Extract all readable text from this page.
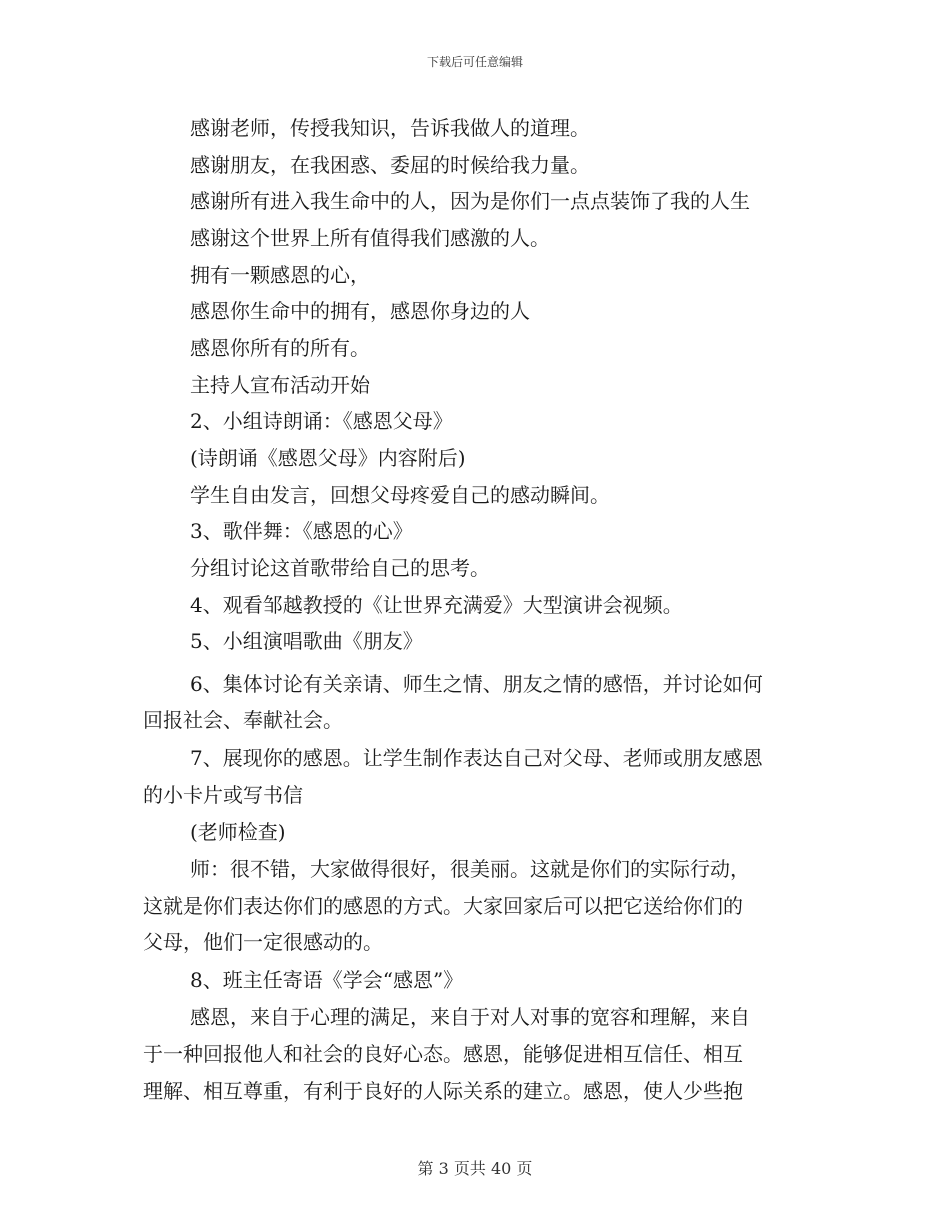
下载后可任意编辑
感谢老师，传授我知识，告诉我做人的道理。
感谢朋友，在我困惑、委屈的时候给我力量。
感谢所有进入我生命中的人，因为是你们一点点装饰了我的人生
感谢这个世界上所有值得我们感激的人。
拥有一颗感恩的心，
感恩你生命中的拥有，感恩你身边的人
感恩你所有的所有。
主持人宣布活动开始
2、小组诗朗诵：《感恩父母》
(诗朗诵《感恩父母》内容附后)
学生自由发言，回想父母疼爱自己的感动瞬间。
3、歌伴舞：《感恩的心》
分组讨论这首歌带给自己的思考。
4、观看邹越教授的《让世界充满爱》大型演讲会视频。
5、小组演唱歌曲《朋友》
6、集体讨论有关亲请、师生之情、朋友之情的感悟，并讨论如何
回报社会、奉献社会。
7、展现你的感恩。让学生制作表达自己对父母、老师或朋友感恩
的小卡片或写书信
(老师检查)
师：很不错，大家做得很好，很美丽。这就是你们的实际行动，
这就是你们表达你们的感恩的方式。大家回家后可以把它送给你们的
父母，他们一定很感动的。
8、班主任寄语《学会“感恩”》
感恩，来自于心理的满足，来自于对人对事的宽容和理解，来自
于一种回报他人和社会的良好心态。感恩，能够促进相互信任、相互
理解、相互尊重，有利于良好的人际关系的建立。感恩，使人少些抱
第 3 页共 40 页
